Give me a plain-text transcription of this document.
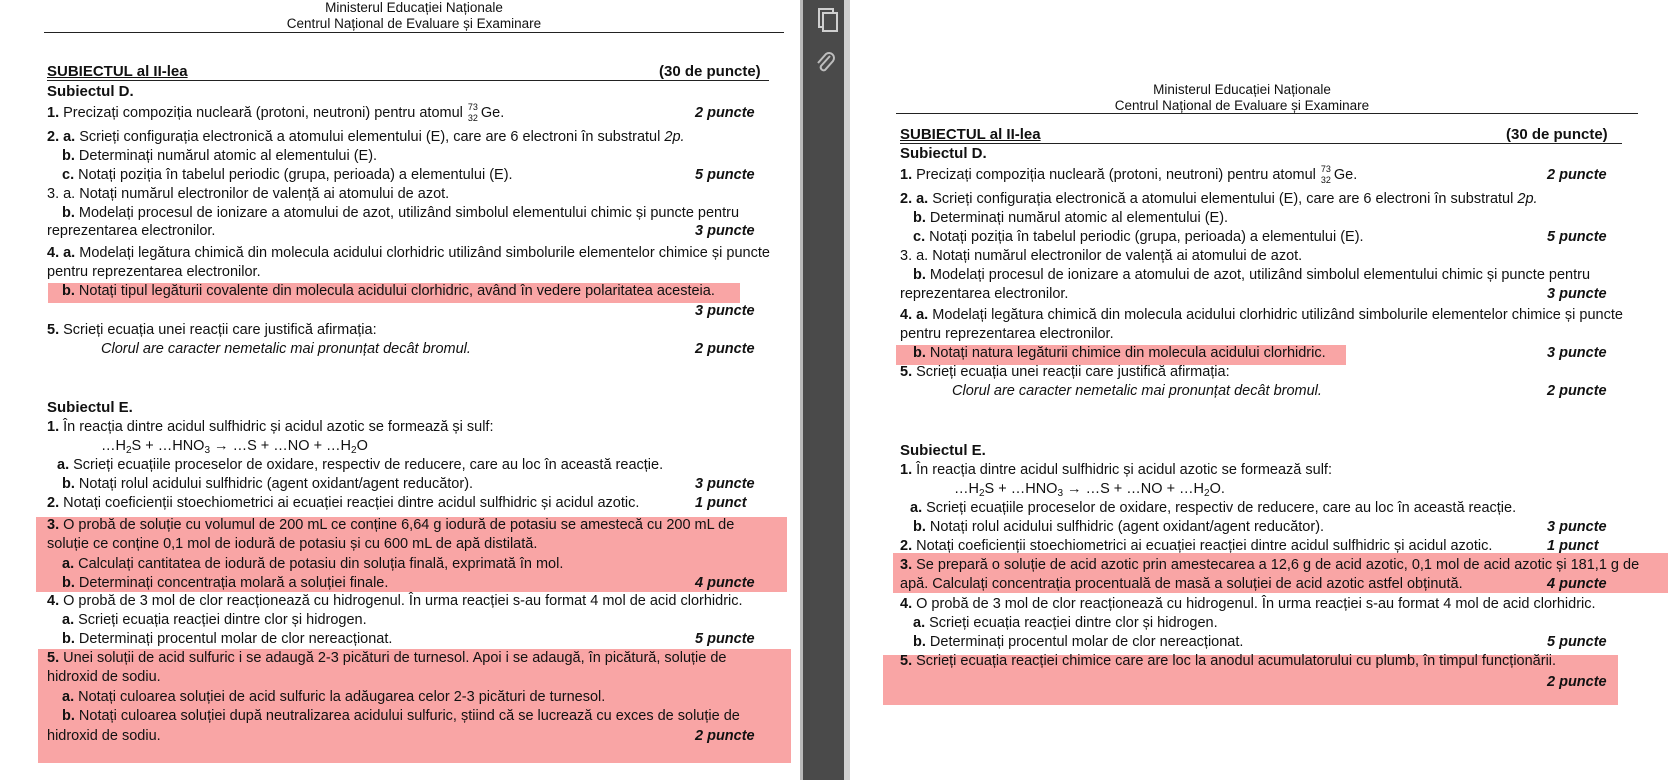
Ministerul Educației Naționale
Centrul Național de Evaluare și Examinare
SUBIECTUL al II-lea	(30 de puncte)
Subiectul D.
1. Precizați compoziția nucleară (protoni, neutroni) pentru atomul 73
32 Ge.	2 puncte
2. a. Scrieți configurația electronică a atomului elementului (E), care are 6 electroni în substratul 2p.
b. Determinați numărul atomic al elementului (E).
c. Notați poziția în tabelul periodic (grupa, perioada) a elementului (E).	5 puncte
3. a. Notați numărul electronilor de valență ai atomului de azot.
b. Modelați procesul de ionizare a atomului de azot, utilizând simbolul elementului chimic și puncte pentru
reprezentarea electronilor.	3 puncte
4. a. Modelați legătura chimică din molecula acidului clorhidric utilizând simbolurile elementelor chimice și puncte
pentru reprezentarea electronilor.
b. Notați tipul legăturii covalente din molecula acidului clorhidric, având în vedere polaritatea acesteia.
3 puncte
5. Scrieți ecuația unei reacții care justifică afirmația:
Clorul are caracter nemetalic mai pronunțat decât bromul.	2 puncte
Subiectul E.
1. În reacția dintre acidul sulfhidric și acidul azotic se formează și sulf:
$\dots H_2S$ + $\dots HNO_3$ → …S + …NO + $\dots H_2O$
a. Scrieți ecuațiile proceselor de oxidare, respectiv de reducere, care au loc în această reacție.
b. Notați rolul acidului sulfhidric (agent oxidant/agent reducător).	3 puncte
2. Notați coeficienții stoechiometrici ai ecuației reacției dintre acidul sulfhidric și acidul azotic.	1 punct
3. O probă de soluție cu volumul de 200 mL ce conține 6,64 g iodură de potasiu se amestecă cu 200 mL de
soluție ce conține 0,1 mol de iodură de potasiu și cu 600 mL de apă distilată.
a. Calculați cantitatea de iodură de potasiu din soluția finală, exprimată în mol.
b. Determinați concentrația molară a soluției finale.	4 puncte
4. O probă de 3 mol de clor reacționează cu hidrogenul. În urma reacției s-au format 4 mol de acid clorhidric.
a. Scrieți ecuația reacției dintre clor și hidrogen.
b. Determinați procentul molar de clor nereacționat.	5 puncte
5. Unei soluții de acid sulfuric i se adaugă 2-3 picături de turnesol. Apoi i se adaugă, în picătură, soluție de
hidroxid de sodiu.
a. Notați culoarea soluției de acid sulfuric la adăugarea celor 2-3 picături de turnesol.
b. Notați culoarea soluției după neutralizarea acidului sulfuric, știind că se lucrează cu exces de soluție de
hidroxid de sodiu.	2 puncte
Ministerul Educației Naționale
Centrul Național de Evaluare și Examinare
SUBIECTUL al II-lea	(30 de puncte)
Subiectul D.
1. Precizați compoziția nucleară (protoni, neutroni) pentru atomul 73
32 Ge.	2 puncte
2. a. Scrieți configurația electronică a atomului elementului (E), care are 6 electroni în substratul 2p.
b. Determinați numărul atomic al elementului (E).
c. Notați poziția în tabelul periodic (grupa, perioada) a elementului (E).	5 puncte
3. a. Notați numărul electronilor de valență ai atomului de azot.
b. Modelați procesul de ionizare a atomului de azot, utilizând simbolul elementului chimic și puncte pentru
reprezentarea electronilor.	3 puncte
4. a. Modelați legătura chimică din molecula acidului clorhidric utilizând simbolurile elementelor chimice și puncte
pentru reprezentarea electronilor.
b. Notați natura legăturii chimice din molecula acidului clorhidric.	3 puncte
5. Scrieți ecuația unei reacții care justifică afirmația:
Clorul are caracter nemetalic mai pronunțat decât bromul.	2 puncte
Subiectul E.
1. În reacția dintre acidul sulfhidric și acidul azotic se formează sulf:
$\dots H_2S$ + $\dots HNO_3$ → …S + …NO + $\dots H_2O$.
a. Scrieți ecuațiile proceselor de oxidare, respectiv de reducere, care au loc în această reacție.
b. Notați rolul acidului sulfhidric (agent oxidant/agent reducător).	3 puncte
2. Notați coeficienții stoechiometrici ai ecuației reacției dintre acidul sulfhidric și acidul azotic.	1 punct
3. Se prepară o soluție de acid azotic prin amestecarea a 12,6 g de acid azotic, 0,1 mol de acid azotic și 181,1 g de
apă. Calculați concentrația procentuală de masă a soluției de acid azotic astfel obținută.	4 puncte
4. O probă de 3 mol de clor reacționează cu hidrogenul. În urma reacției s-au format 4 mol de acid clorhidric.
a. Scrieți ecuația reacției dintre clor și hidrogen.
b. Determinați procentul molar de clor nereacționat.	5 puncte
5. Scrieți ecuația reacției chimice care are loc la anodul acumulatorului cu plumb, în timpul funcționării.
2 puncte
